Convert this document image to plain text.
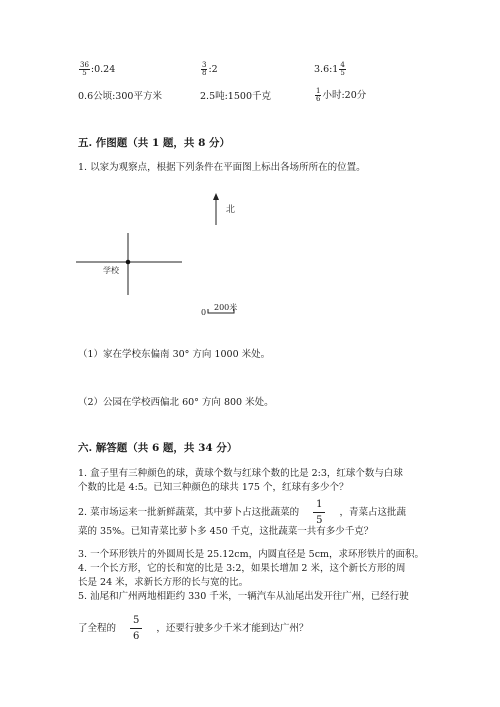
$\frac{36}{5}$ :0.24	$\frac{3}{8}$ :2	3.6:1 $\frac{4}{5}$
0.6公顷:300平方米	2.5吨:1500千克	$\frac{1}{6}$ 小时:20分
五. 作图题（共 1 题，共 8 分）
1. 以家为观察点，根据下列条件在平面图上标出各场所所在的位置。
北
学校
0
200米
（1）家在学校东偏南 30° 方向 1000 米处。
（2）公园在学校西偏北 60° 方向 800 米处。
六. 解答题（共 6 题，共 34 分）
1. 盒子里有三种颜色的球，黄球个数与红球个数的比是 2:3，红球个数与白球
个数的比是 4:5。已知三种颜色的球共 175 个，红球有多少个？
2. 菜市场运来一批新鲜蔬菜，其中萝卜占这批蔬菜的 $\frac{1}{5}$ ，青菜占这批蔬
菜的 35%。已知青菜比萝卜多 450 千克，这批蔬菜一共有多少千克？
3. 一个环形铁片的外圆周长是 25.12cm，内圆直径是 5cm，求环形铁片的面积。
4. 一个长方形，它的长和宽的比是 3:2，如果长增加 2 米，这个新长方形的周
长是 24 米，求新长方形的长与宽的比。
5. 汕尾和广州两地相距约 330 千米，一辆汽车从汕尾出发开往广州，已经行驶
了全程的 $\frac{5}{6}$ ，还要行驶多少千米才能到达广州？
